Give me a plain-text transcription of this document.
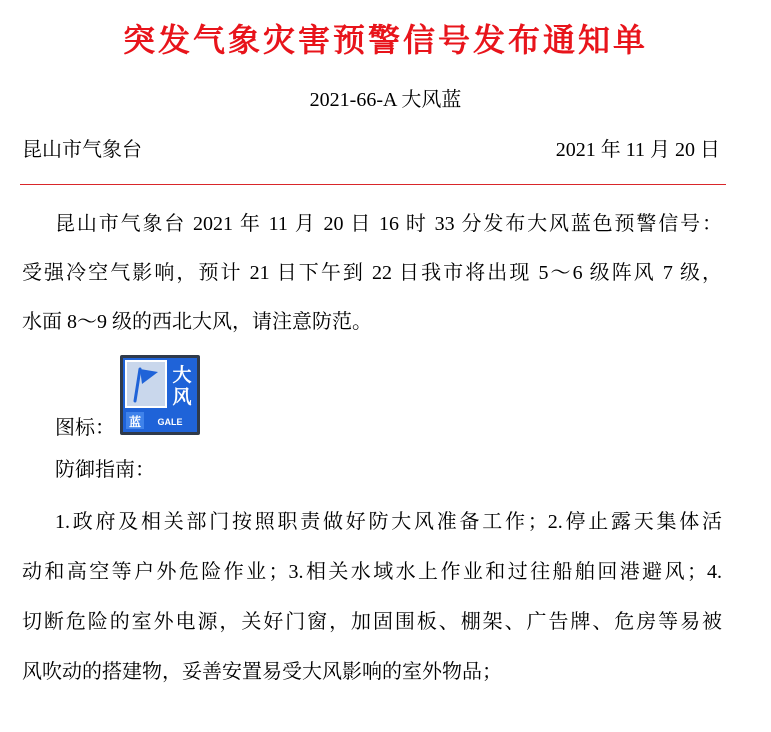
突发气象灾害预警信号发布通知单
2021-66-A 大风蓝
昆山市气象台	2021 年 11 月 20 日
昆山市气象台 2021 年 11 月 20 日 16 时 33 分发布大风蓝色预警信号：
受强冷空气影响，预计 21 日下午到 22 日我市将出现 5～6 级阵风 7 级，
水面 8～9 级的西北大风，请注意防范。
图标：
大
风
蓝 GALE
防御指南：
1.政府及相关部门按照职责做好防大风准备工作；2.停止露天集体活
动和高空等户外危险作业；3.相关水域水上作业和过往船舶回港避风；4.
切断危险的室外电源，关好门窗，加固围板、棚架、广告牌、危房等易被
风吹动的搭建物，妥善安置易受大风影响的室外物品；
